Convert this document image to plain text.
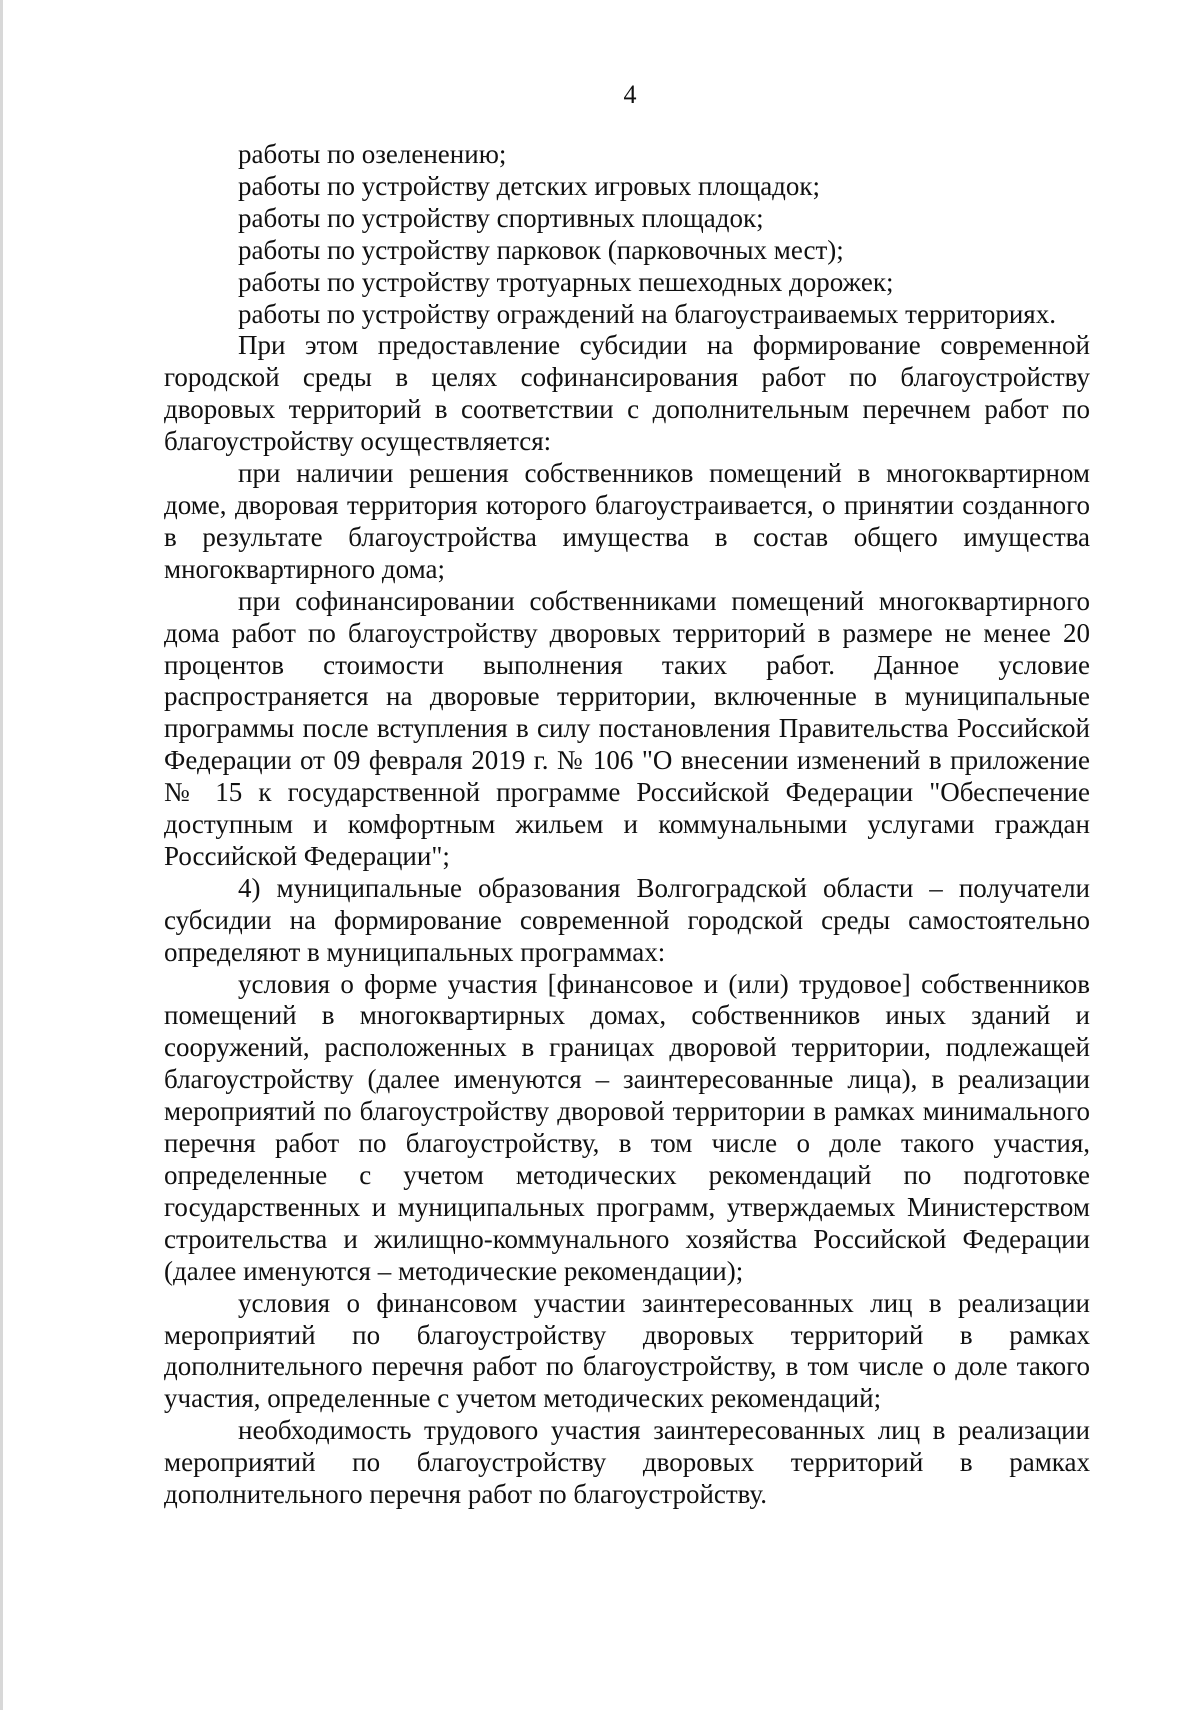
4

работы по озеленению;

работы по устройству детских игровых площадок;

работы по устройству спортивных площадок;

работы по устройству парковок (парковочных мест);

работы по устройству тротуарных пешеходных дорожек;

работы по устройству ограждений на благоустраиваемых территориях.

При этом предоставление субсидии на формирование современной городской среды в целях софинансирования работ по благоустройству дворовых территорий в соответствии с дополнительным перечнем работ по благоустройству осуществляется:

при наличии решения собственников помещений в многоквартирном доме, дворовая территория которого благоустраивается, о принятии созданного в результате благоустройства имущества в состав общего имущества многоквартирного дома;

при софинансировании собственниками помещений многоквартирного дома работ по благоустройству дворовых территорий в размере не менее 20 процентов стоимости выполнения таких работ. Данное условие распространяется на дворовые территории, включенные в муниципальные программы после вступления в силу постановления Правительства Российской Федерации от 09 февраля 2019 г. № 106 "О внесении изменений в приложение № 15 к государственной программе Российской Федерации "Обеспечение доступным и комфортным жильем и коммунальными услугами граждан Российской Федерации";

4) муниципальные образования Волгоградской области – получатели субсидии на формирование современной городской среды самостоятельно определяют в муниципальных программах:

условия о форме участия [финансовое и (или) трудовое] собственников помещений в многоквартирных домах, собственников иных зданий и сооружений, расположенных в границах дворовой территории, подлежащей благоустройству (далее именуются – заинтересованные лица), в реализации мероприятий по благоустройству дворовой территории в рамках минимального перечня работ по благоустройству, в том числе о доле такого участия, определенные с учетом методических рекомендаций по подготовке государственных и муниципальных программ, утверждаемых Министерством строительства и жилищно-коммунального хозяйства Российской Федерации (далее именуются – методические рекомендации);

условия о финансовом участии заинтересованных лиц в реализации мероприятий по благоустройству дворовых территорий в рамках дополнительного перечня работ по благоустройству, в том числе о доле такого участия, определенные с учетом методических рекомендаций;

необходимость трудового участия заинтересованных лиц в реализации мероприятий по благоустройству дворовых территорий в рамках дополнительного перечня работ по благоустройству.
